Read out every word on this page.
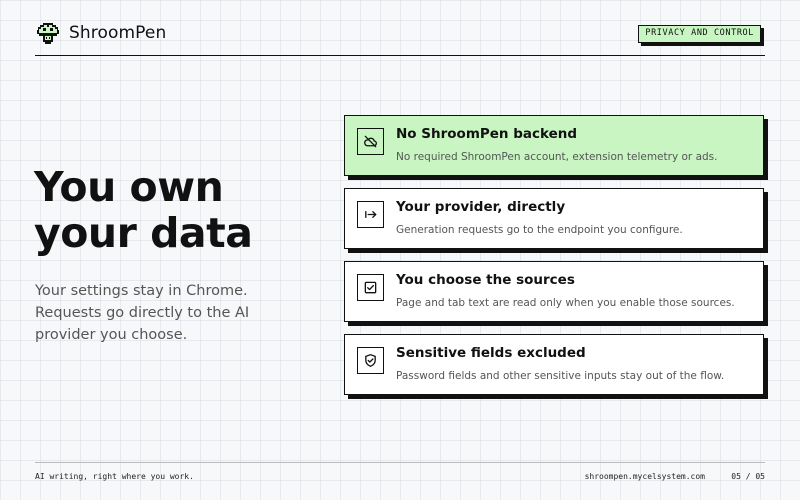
ShroomPen	PRIVACY AND CONTROL
You own
your data

Your settings stay in Chrome. Requests go directly to the AI provider you choose.

No ShroomPen backend
No required ShroomPen account, extension telemetry or ads.
Your provider, directly
Generation requests go to the endpoint you configure.
You choose the sources
Page and tab text are read only when you enable those sources.
Sensitive fields excluded
Password fields and other sensitive inputs stay out of the flow.
AI writing, right where you work.	shroompen.mycelsystem.com	05 / 05
